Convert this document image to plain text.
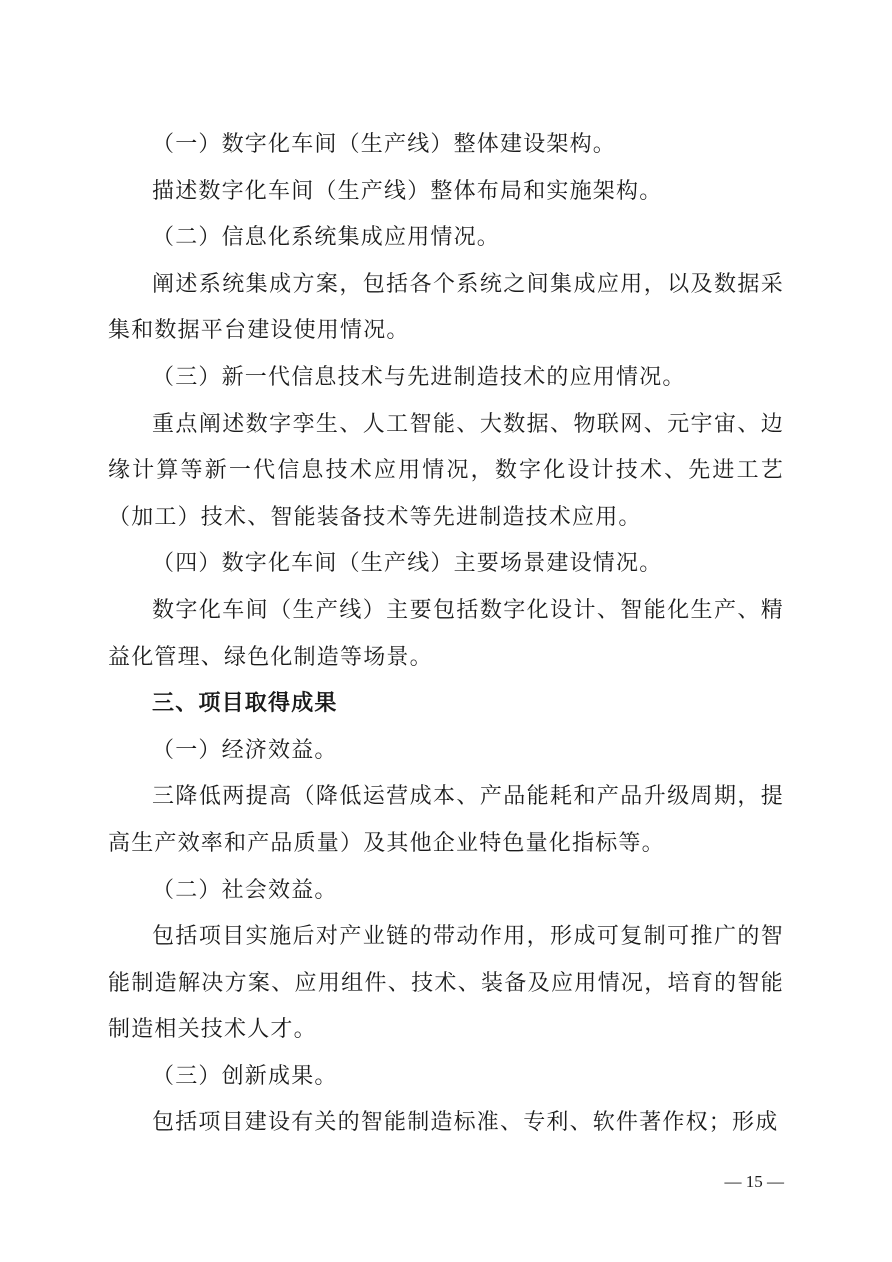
（一）数字化车间（生产线）整体建设架构。

描述数字化车间（生产线）整体布局和实施架构。

（二）信息化系统集成应用情况。

阐述系统集成方案，包括各个系统之间集成应用，以及数据采集和数据平台建设使用情况。

（三）新一代信息技术与先进制造技术的应用情况。

重点阐述数字孪生、人工智能、大数据、物联网、元宇宙、边缘计算等新一代信息技术应用情况，数字化设计技术、先进工艺（加工）技术、智能装备技术等先进制造技术应用。

（四）数字化车间（生产线）主要场景建设情况。

数字化车间（生产线）主要包括数字化设计、智能化生产、精益化管理、绿色化制造等场景。

三、项目取得成果

（一）经济效益。

三降低两提高（降低运营成本、产品能耗和产品升级周期，提高生产效率和产品质量）及其他企业特色量化指标等。

（二）社会效益。

包括项目实施后对产业链的带动作用，形成可复制可推广的智能制造解决方案、应用组件、技术、装备及应用情况，培育的智能制造相关技术人才。

（三）创新成果。

包括项目建设有关的智能制造标准、专利、软件著作权；形成

— 15 —
